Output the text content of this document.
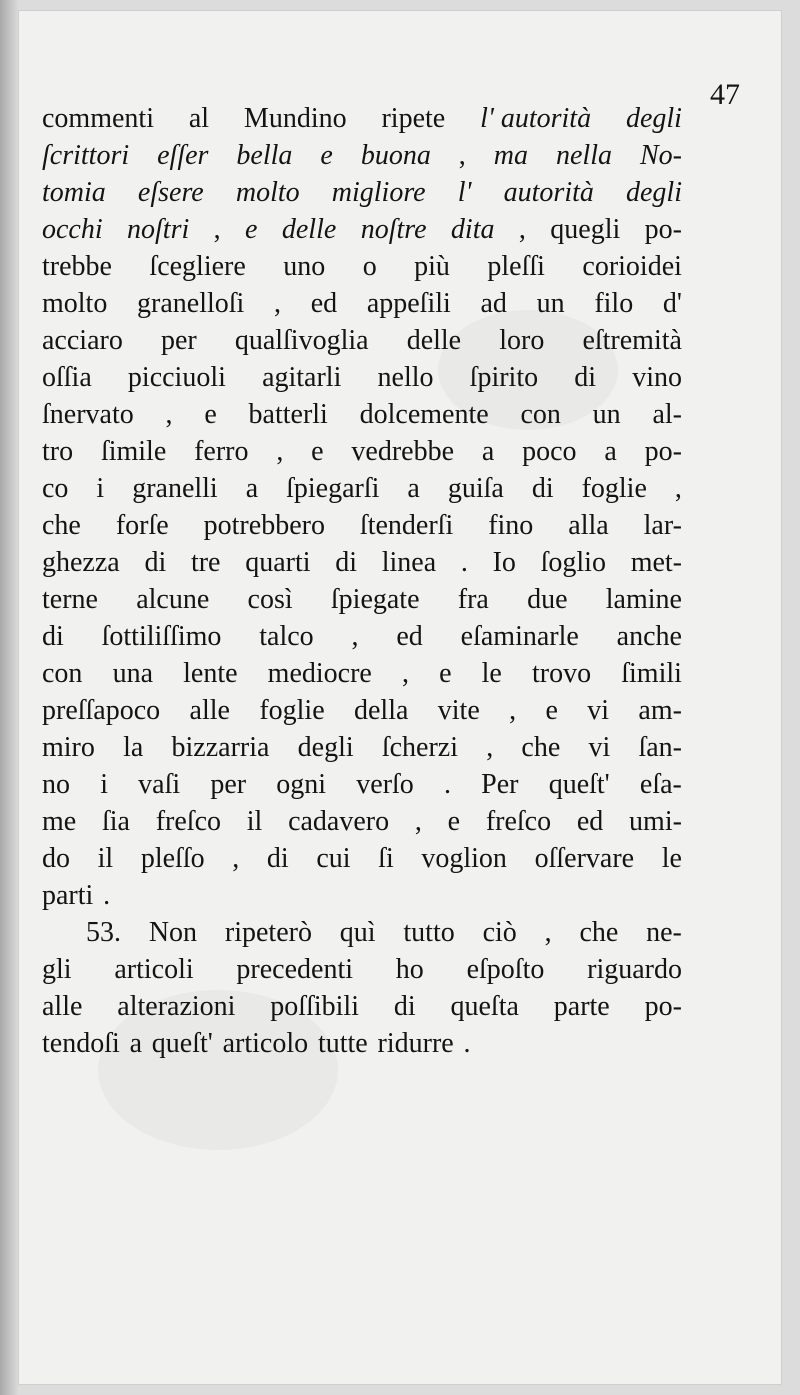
47
commenti al Mundino ripete l' autorità degli
ſcrittori eſſer bella e buona , ma nella No-
tomia eſsere molto migliore l' autorità degli
occhi noſtri , e delle noſtre dita , quegli po-
trebbe ſcegliere uno o più pleſſi corioidei
molto granelloſi , ed appeſili ad un filo d'
acciaro per qualſivoglia delle loro eſtremità
oſſia picciuoli agitarli nello ſpirito di vino
ſnervato , e batterli dolcemente con un al-
tro ſimile ferro , e vedrebbe a poco a po-
co i granelli a ſpiegarſi a guiſa di foglie ,
che forſe potrebbero ſtenderſi fino alla lar-
ghezza di tre quarti di linea . Io ſoglio met-
terne alcune così ſpiegate fra due lamine
di ſottiliſſimo talco , ed eſaminarle anche
con una lente mediocre , e le trovo ſimili
preſſapoco alle foglie della vite , e vi am-
miro la bizzarria degli ſcherzi , che vi ſan-
no i vaſi per ogni verſo . Per queſt' eſa-
me ſia freſco il cadavero , e freſco ed umi-
do il pleſſo , di cui ſi voglion oſſervare le
parti .
53. Non ripeterò quì tutto ciò , che ne-
gli articoli precedenti ho eſpoſto riguardo
alle alterazioni poſſibili di queſta parte po-
tendoſi a queſt' articolo tutte ridurre .
